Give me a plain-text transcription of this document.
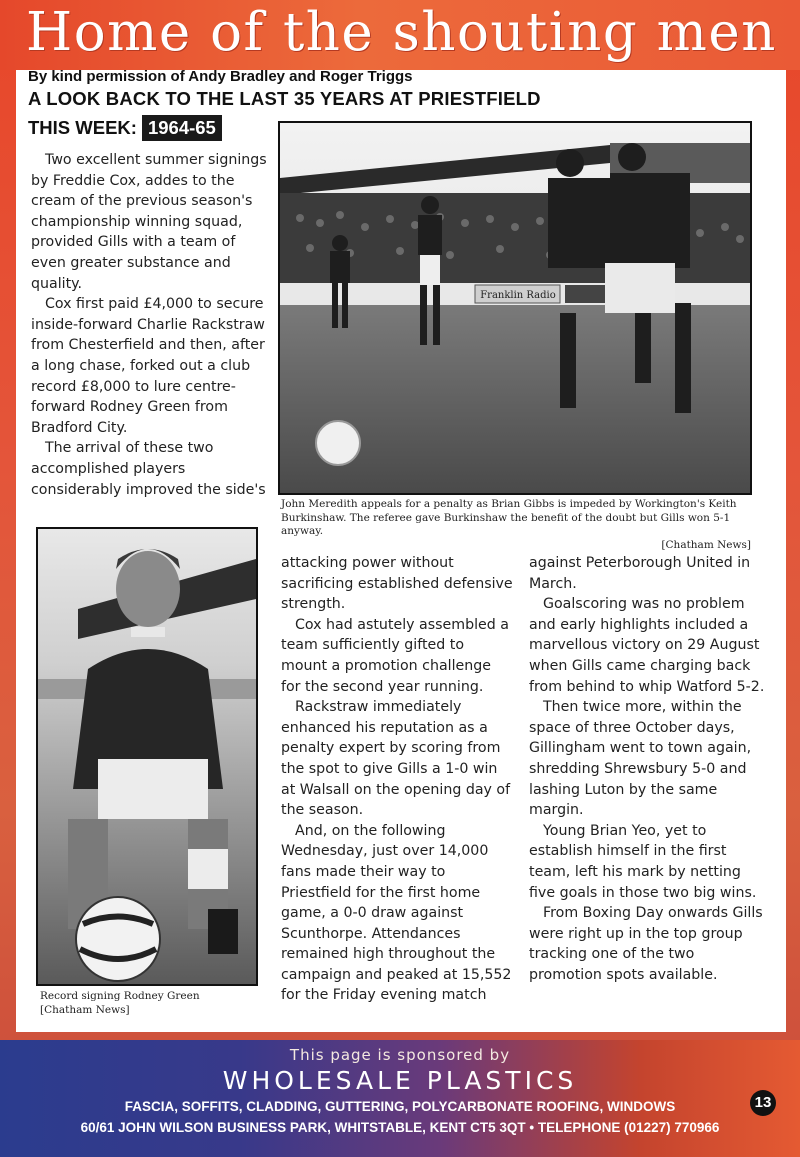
Home of the shouting men
By kind permission of Andy Bradley and Roger Triggs
A LOOK BACK TO THE LAST 35 YEARS AT PRIESTFIELD
THIS WEEK: 1964-65

Two excellent summer signings by Freddie Cox, addes to the cream of the previous season's championship winning squad, provided Gills with a team of even greater substance and quality.

Cox first paid £4,000 to secure inside-forward Charlie Rackstraw from Chesterfield and then, after a long chase, forked out a club record £8,000 to lure centre-forward Rodney Green from Bradford City.

The arrival of these two accomplished players considerably improved the side's

Franklin Radio
John Meredith appeals for a penalty as Brian Gibbs is impeded by Workington's Keith Burkinshaw. The referee gave Burkinshaw the benefit of the doubt but Gills won 5-1 anyway.
[Chatham News]
Record signing Rodney Green
[Chatham News]
attacking power without sacrificing established defensive strength.

Cox had astutely assembled a team sufficiently gifted to mount a promotion challenge for the second year running.

Rackstraw immediately enhanced his reputation as a penalty expert by scoring from the spot to give Gills a 1-0 win at Walsall on the opening day of the season.

And, on the following Wednesday, just over 14,000 fans made their way to Priestfield for the first home game, a 0-0 draw against Scunthorpe. Attendances remained high throughout the campaign and peaked at 15,552 for the Friday evening match

against Peterborough United in March.

Goalscoring was no problem and early highlights included a marvellous victory on 29 August when Gills came charging back from behind to whip Watford 5-2.

Then twice more, within the space of three October days, Gillingham went to town again, shredding Shrewsbury 5-0 and lashing Luton by the same margin.

Young Brian Yeo, yet to establish himself in the first team, left his mark by netting five goals in those two big wins.

From Boxing Day onwards Gills were right up in the top group tracking one of the two promotion spots available.

This page is sponsored by
WHOLESALE PLASTICS
FASCIA, SOFFITS, CLADDING, GUTTERING, POLYCARBONATE ROOFING, WINDOWS
60/61 JOHN WILSON BUSINESS PARK, WHITSTABLE, KENT CT5 3QT • TELEPHONE (01227) 770966
13
